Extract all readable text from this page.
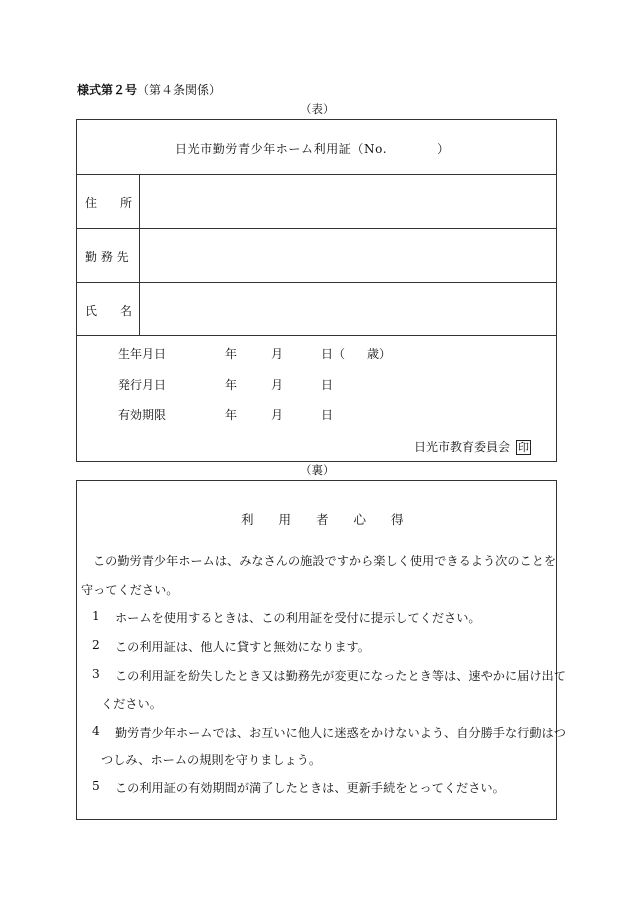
様式第２号（第４条関係）
（表）
日光市勤労青少年ホーム利用証（No.	）
住 所
勤 務 先
氏 名
生年月日	年	月	日（ 歳）
発行月日	年	月	日
有効期限	年	月	日
日光市教育委員会 印
（裏）
利　　用　　者　　心　　得
この勤労青少年ホームは、みなさんの施設ですから楽しく使用できるよう次のことを
守ってください。
1 ホームを使用するときは、この利用証を受付に提示してください。
2 この利用証は、他人に貸すと無効になります。
3 この利用証を紛失したとき又は勤務先が変更になったとき等は、速やかに届け出て
ください。
4 勤労青少年ホームでは、お互いに他人に迷惑をかけないよう、自分勝手な行動はつ
つしみ、ホームの規則を守りましょう。
5 この利用証の有効期間が満了したときは、更新手続をとってください。
